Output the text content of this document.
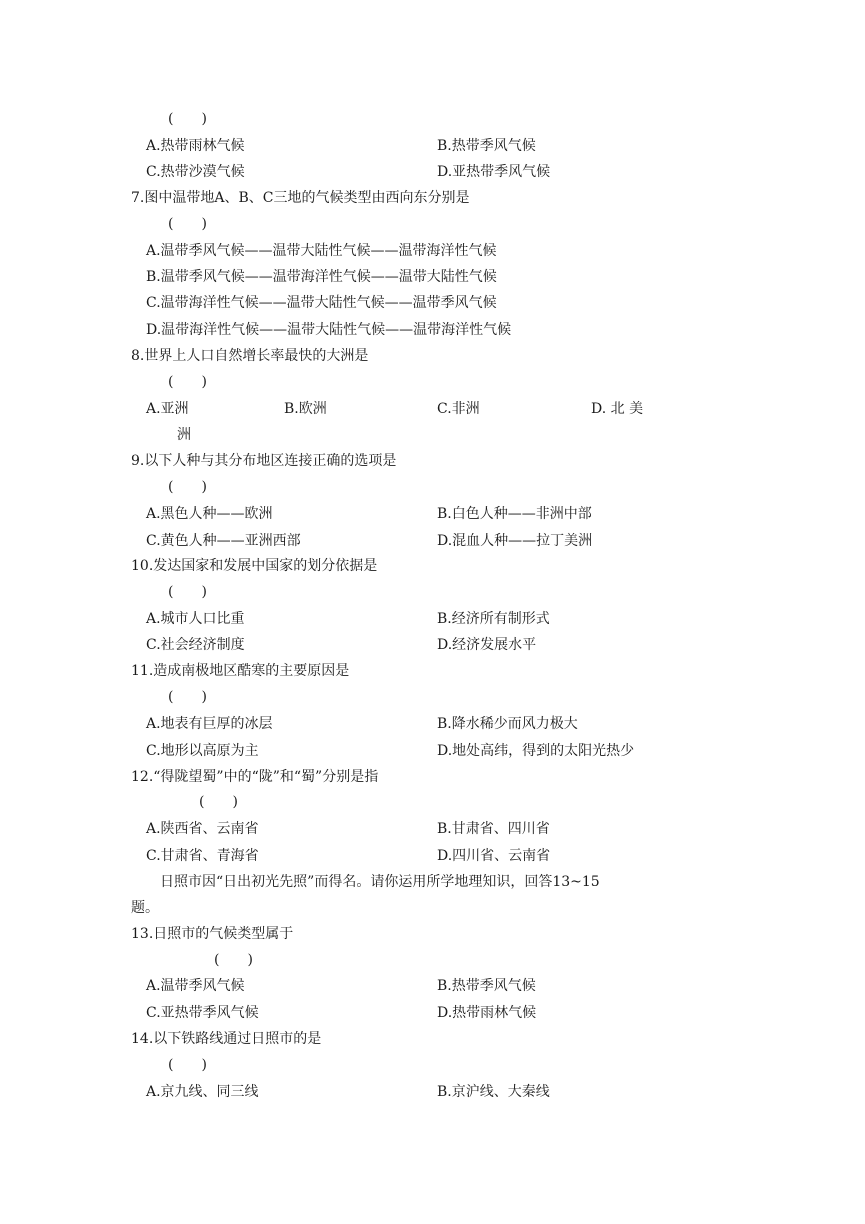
(　　)
A.热带雨林气候	B.热带季风气候
C.热带沙漠气候	D.亚热带季风气候
7.图中温带地A、B、C三地的气候类型由西向东分别是
(　　)
A.温带季风气候——温带大陆性气候——温带海洋性气候
B.温带季风气候——温带海洋性气候——温带大陆性气候
C.温带海洋性气候——温带大陆性气候——温带季风气候
D.温带海洋性气候——温带大陆性气候——温带海洋性气候
8.世界上人口自然增长率最快的大洲是
(　　)
A.亚洲	B.欧洲	C.非洲	D. 北 美
洲
9.以下人种与其分布地区连接正确的选项是
(　　)
A.黑色人种——欧洲	B.白色人种——非洲中部
C.黄色人种——亚洲西部	D.混血人种——拉丁美洲
10.发达国家和发展中国家的划分依据是
(　　)
A.城市人口比重	B.经济所有制形式
C.社会经济制度	D.经济发展水平
11.造成南极地区酷寒的主要原因是
(　　)
A.地表有巨厚的冰层	B.降水稀少而风力极大
C.地形以高原为主	D.地处高纬，得到的太阳光热少
12.“得陇望蜀”中的“陇”和“蜀”分别是指
(　　)
A.陕西省、云南省	B.甘肃省、四川省
C.甘肃省、青海省	D.四川省、云南省
日照市因“日出初光先照”而得名。请你运用所学地理知识，回答13~15
题。
13.日照市的气候类型属于
(　　)
A.温带季风气候	B.热带季风气候
C.亚热带季风气候	D.热带雨林气候
14.以下铁路线通过日照市的是
(　　)
A.京九线、同三线	B.京沪线、大秦线
